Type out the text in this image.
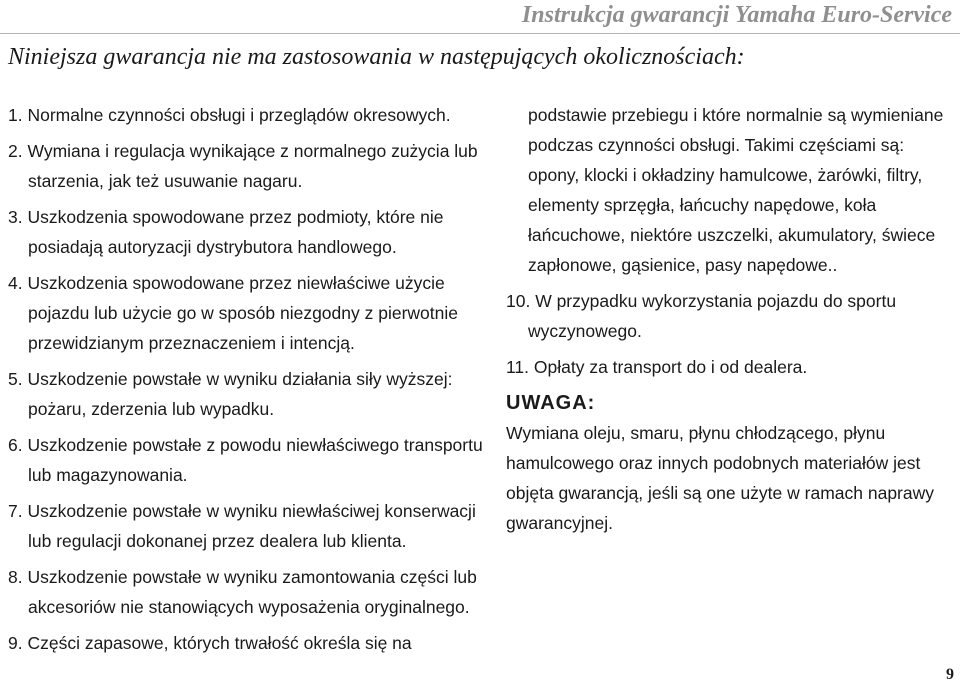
Instrukcja gwarancji Yamaha Euro-Service
Niniejsza gwarancja nie ma zastosowania w następujących okolicznościach:
1. Normalne czynności obsługi i przeglądów okresowych.
2. Wymiana i regulacja wynikające z normalnego zużycia lub starzenia, jak też usuwanie nagaru.
3. Uszkodzenia spowodowane przez podmioty, które nie posiadają autoryzacji dystrybutora handlowego.
4. Uszkodzenia spowodowane przez niewłaściwe użycie pojazdu lub użycie go w sposób niezgodny z pierwotnie przewidzianym przeznaczeniem i intencją.
5. Uszkodzenie powstałe w wyniku działania siły wyższej: pożaru, zderzenia lub wypadku.
6. Uszkodzenie powstałe z powodu niewłaściwego transportu lub magazynowania.
7. Uszkodzenie powstałe w wyniku niewłaściwej konserwacji lub regulacji dokonanej przez dealera lub klienta.
8. Uszkodzenie powstałe w wyniku zamontowania części lub akcesoriów nie stanowiących wyposażenia oryginalnego.
9. Części zapasowe, których trwałość określa się na
podstawie przebiegu i które normalnie są wymieniane podczas czynności obsługi. Takimi częściami są: opony, klocki i okładziny hamulcowe, żarówki, filtry, elementy sprzęgła, łańcuchy napędowe, koła łańcuchowe, niektóre uszczelki, akumulatory, świece zapłonowe, gąsienice, pasy napędowe..
10. W przypadku wykorzystania pojazdu do sportu wyczynowego.
11. Opłaty za transport do i od dealera.
UWAGA:
Wymiana oleju, smaru, płynu chłodzącego, płynu hamulcowego oraz innych podobnych materiałów jest objęta gwarancją, jeśli są one użyte w ramach naprawy gwarancyjnej.
9
